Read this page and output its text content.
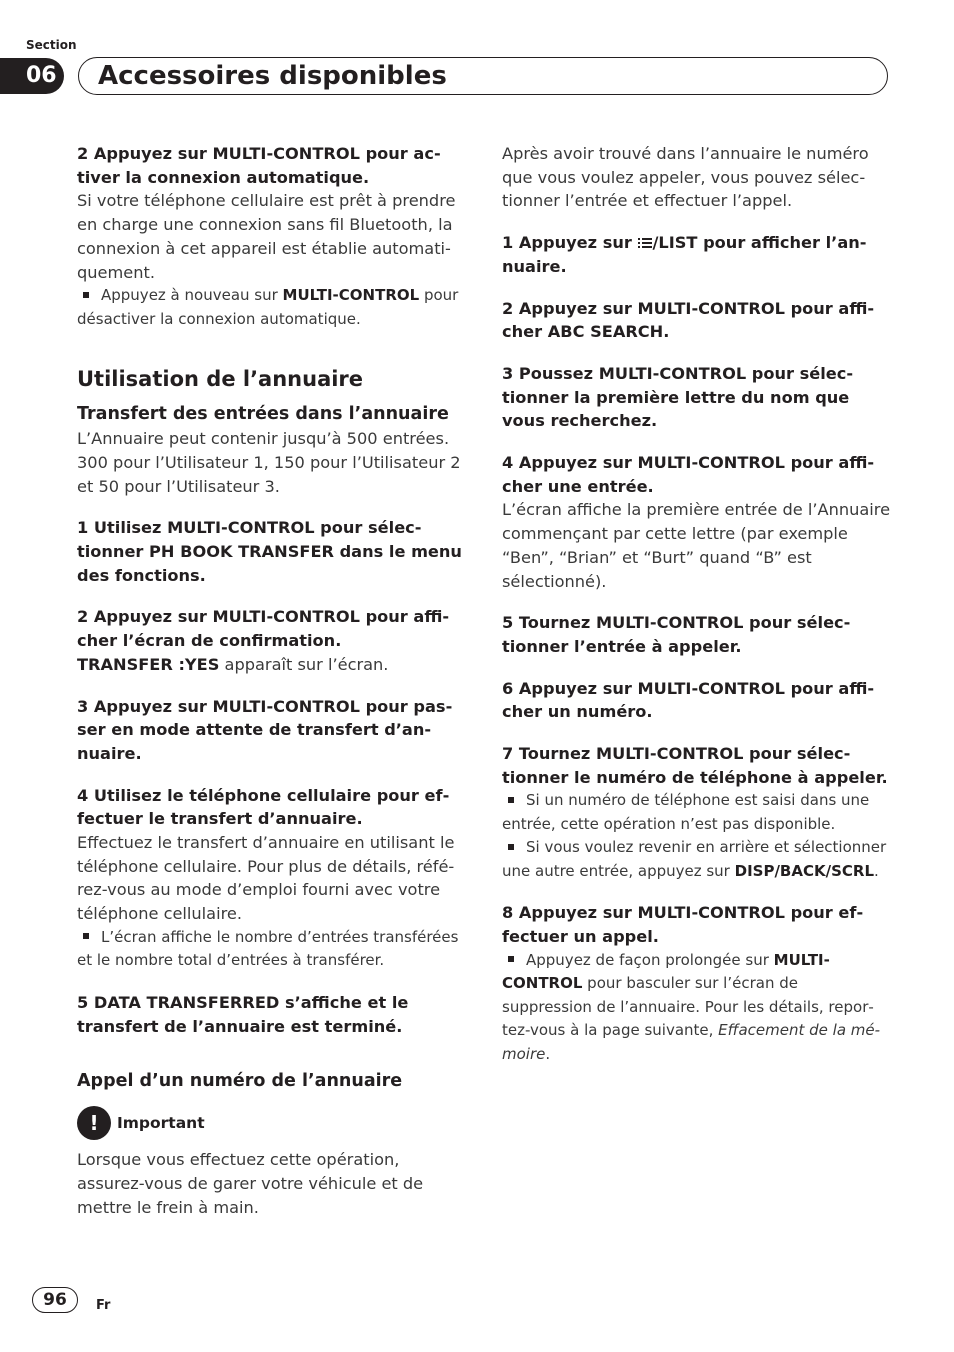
Section
06 Accessoires disponibles

2 Appuyez sur MULTI-CONTROL pour activer la connexion automatique.

Si votre téléphone cellulaire est prêt à prendre en charge une connexion sans fil Bluetooth, la connexion à cet appareil est établie automatiquement.

Appuyez à nouveau sur MULTI-CONTROL pour désactiver la connexion automatique.

Utilisation de l’annuaire

Transfert des entrées dans l’annuaire

L’Annuaire peut contenir jusqu’à 500 entrées. 300 pour l’Utilisateur 1, 150 pour l’Utilisateur 2 et 50 pour l’Utilisateur 3.

1 Utilisez MULTI-CONTROL pour sélectionner PH BOOK TRANSFER dans le menu des fonctions.

2 Appuyez sur MULTI-CONTROL pour afficher l’écran de confirmation.

TRANSFER :YES apparaît sur l’écran.

3 Appuyez sur MULTI-CONTROL pour passer en mode attente de transfert d’annuaire.

4 Utilisez le téléphone cellulaire pour effectuer le transfert d’annuaire.

Effectuez le transfert d’annuaire en utilisant le téléphone cellulaire. Pour plus de détails, référez-vous au mode d’emploi fourni avec votre téléphone cellulaire.

L’écran affiche le nombre d’entrées transférées et le nombre total d’entrées à transférer.

5 DATA TRANSFERRED s’affiche et le transfert de l’annuaire est terminé.

Appel d’un numéro de l’annuaire

!	Important

Lorsque vous effectuez cette opération, assurez-vous de garer votre véhicule et de mettre le frein à main.

Après avoir trouvé dans l’annuaire le numéro que vous voulez appeler, vous pouvez sélectionner l’entrée et effectuer l’appel.

1 Appuyez sur
/LIST pour afficher l’annuaire.

2 Appuyez sur MULTI-CONTROL pour afficher ABC SEARCH.

3 Poussez MULTI-CONTROL pour sélectionner la première lettre du nom que vous recherchez.

4 Appuyez sur MULTI-CONTROL pour afficher une entrée.

L’écran affiche la première entrée de l’Annuaire commençant par cette lettre (par exemple “Ben”, “Brian” et “Burt” quand “B” est sélectionné).

5 Tournez MULTI-CONTROL pour sélectionner l’entrée à appeler.

6 Appuyez sur MULTI-CONTROL pour afficher un numéro.

7 Tournez MULTI-CONTROL pour sélectionner le numéro de téléphone à appeler.

Si un numéro de téléphone est saisi dans une entrée, cette opération n’est pas disponible.

Si vous voulez revenir en arrière et sélectionner une autre entrée, appuyez sur DISP/BACK/SCRL.

8 Appuyez sur MULTI-CONTROL pour effectuer un appel.

Appuyez de façon prolongée sur MULTI-CONTROL pour basculer sur l’écran de suppression de l’annuaire. Pour les détails, reportez-vous à la page suivante, Effacement de la mémoire.

96	Fr
